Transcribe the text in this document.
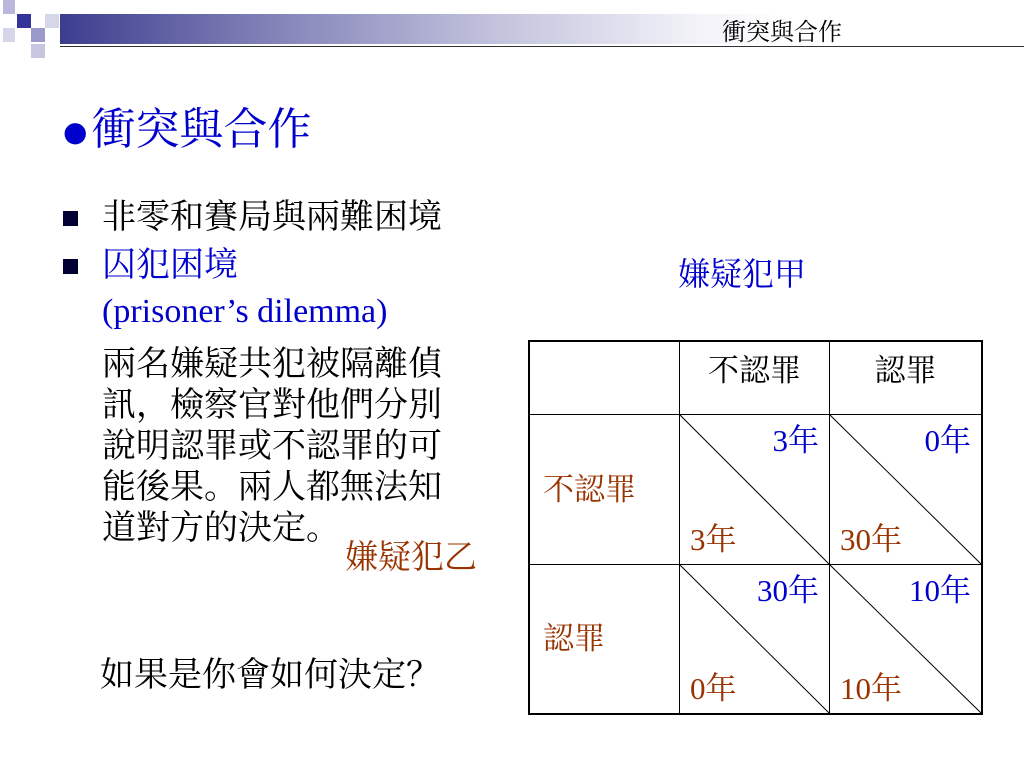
衝突與合作
●衝突與合作
非零和賽局與兩難困境
囚犯困境
(prisoner’s dilemma)
兩名嫌疑共犯被隔離偵
訊，檢察官對他們分別
說明認罪或不認罪的可
能後果。兩人都無法知
道對方的決定。
嫌疑犯乙
如果是你會如何決定？
嫌疑犯甲
不認罪	認罪
不認罪
3年
3年
0年
30年
認罪
30年
0年
10年
10年
